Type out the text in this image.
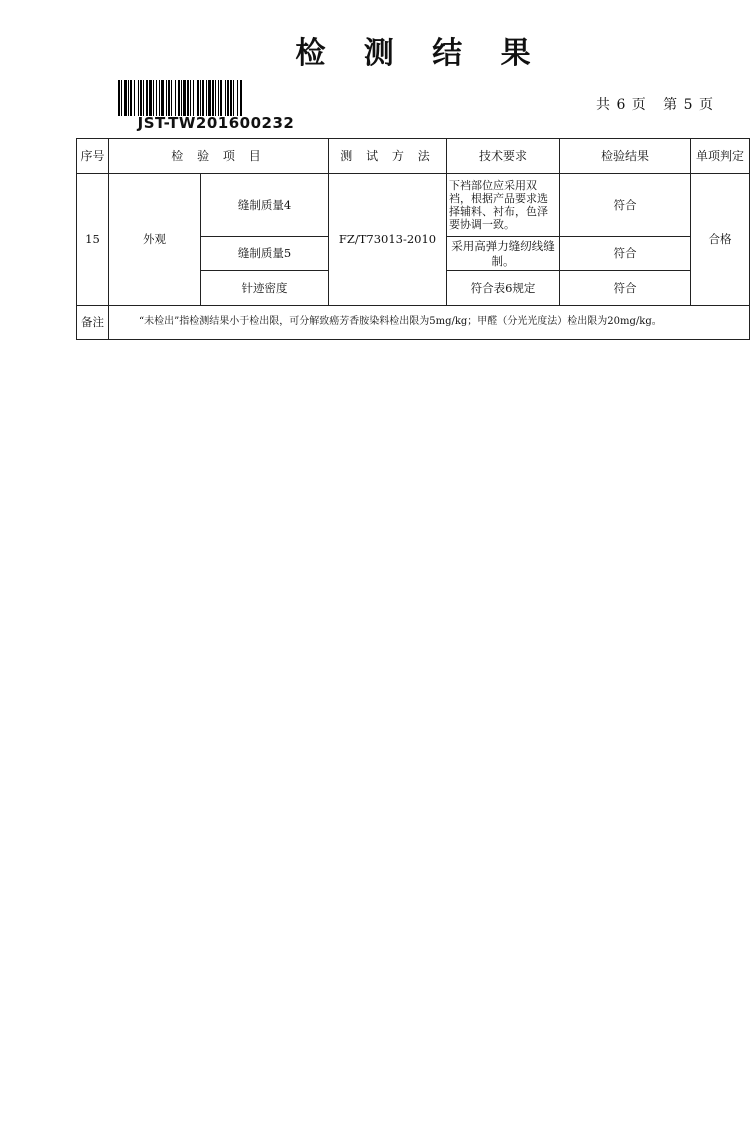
检 测 结 果
JST-TW201600232
共 6 页 第 5 页
序号	检 验 项 目		测 试 方 法	技术要求	检验结果	单项判定
15	外观	缝制质量4	FZ/T73013-2010	下裆部位应采用双裆，根据产品要求选择辅料、衬布，色泽要协调一致。	符合	合格
		缝制质量5		采用高弹力缝纫线缝制。	符合	
		针迹密度		符合表6规定	符合	
备注	“未检出”指检测结果小于检出限，可分解致癌芳香胺染料检出限为5mg/kg；甲醛（分光光度法）检出限为20mg/kg。					
